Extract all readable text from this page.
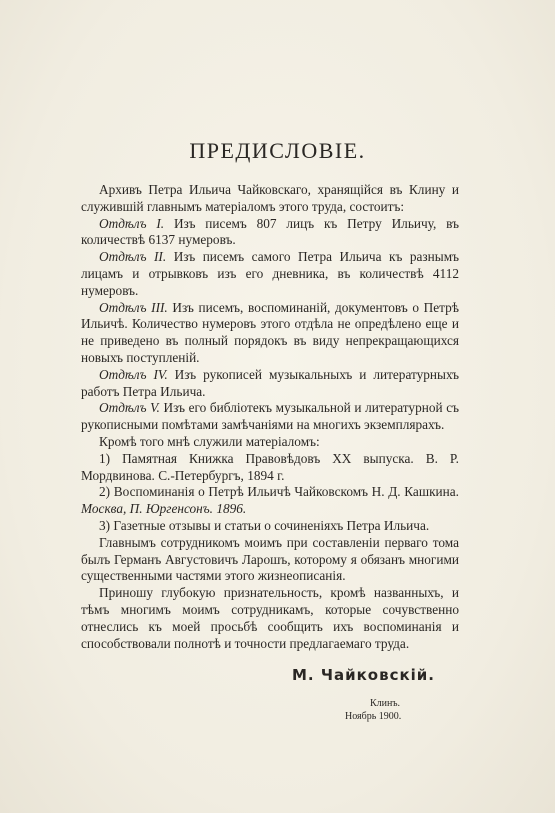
ПРЕДИСЛОВІЕ.

Архивъ Петра Ильича Чайковскаго, хранящійся въ Клину и служившій главнымъ матеріаломъ этого труда, состоитъ:

Отдѣлъ I. Изъ писемъ 807 лицъ къ Петру Ильичу, въ количествѣ 6137 нумеровъ.

Отдѣлъ II. Изъ писемъ самого Петра Ильича къ разнымъ лицамъ и отрывковъ изъ его дневника, въ количествѣ 4112 нумеровъ.

Отдѣлъ III. Изъ писемъ, воспоминаній, документовъ о Петрѣ Ильичѣ. Количество нумеровъ этого отдѣла не опредѣлено еще и не приведено въ полный порядокъ въ виду непрекращающихся новыхъ поступленій.

Отдѣлъ IV. Изъ рукописей музыкальныхъ и литературныхъ работъ Петра Ильича.

Отдѣлъ V. Изъ его библіотекъ музыкальной и литературной съ рукописными помѣтами замѣчаніями на многихъ экземплярахъ.

Кромѣ того мнѣ служили матеріаломъ:

1) Памятная Книжка Правовѣдовъ XX выпуска. В. Р. Мордвинова. С.-Петербургъ, 1894 г.

2) Воспоминанія о Петрѣ Ильичѣ Чайковскомъ Н. Д. Кашкина. Москва, П. Юргенсонъ. 1896.

3) Газетные отзывы и статьи о сочиненіяхъ Петра Ильича.

Главнымъ сотрудникомъ моимъ при составленіи перваго тома былъ Германъ Августовичъ Ларошъ, которому я обязанъ многими существенными частями этого жизнеописанія.

Приношу глубокую признательность, кромѣ названныхъ, и тѣмъ многимъ моимъ сотрудникамъ, которые сочувственно отнеслись къ моей просьбѣ сообщить ихъ воспоминанія и способствовали полнотѣ и точности предлагаемаго труда.

М. Чайковскій.
Клинъ.
Ноябрь 1900.
